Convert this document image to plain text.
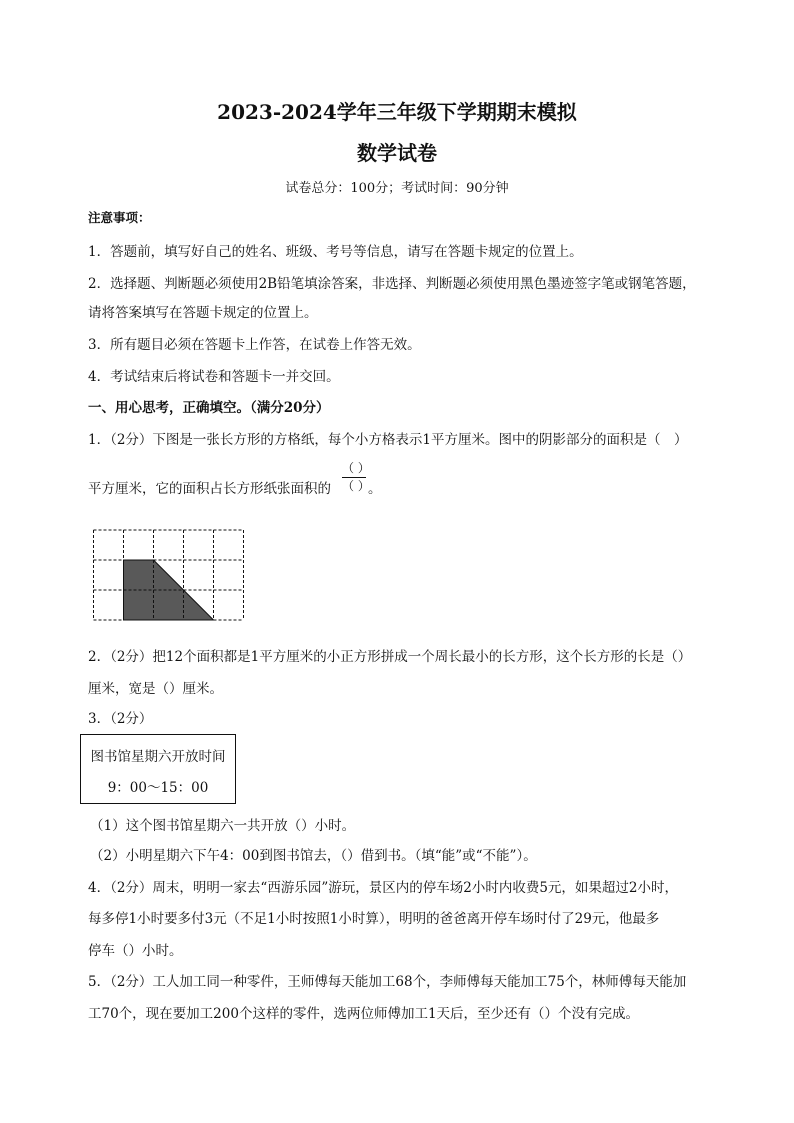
2023-2024学年三年级下学期期末模拟
数学试卷
试卷总分：100分；考试时间：90分钟
注意事项：
1．答题前，填写好自己的姓名、班级、考号等信息，请写在答题卡规定的位置上。
2．选择题、判断题必须使用2B铅笔填涂答案，非选择、判断题必须使用黑色墨迹签字笔或钢笔答题，
请将答案填写在答题卡规定的位置上。
3．所有题目必须在答题卡上作答，在试卷上作答无效。
4．考试结束后将试卷和答题卡一并交回。
一、用心思考，正确填空。（满分20分）
1．（2分）下图是一张长方形的方格纸，每个小方格表示1平方厘米。图中的阴影部分的面积是（　）
平方厘米，它的面积占长方形纸张面积的
（ ）
（ ）
。
2．（2分）把12个面积都是1平方厘米的小正方形拼成一个周长最小的长方形，这个长方形的长是（）
厘米，宽是（）厘米。
3．（2分）
图书馆星期六开放时间
9：00～15：00
（1）这个图书馆星期六一共开放（）小时。
（2）小明星期六下午4：00到图书馆去，（）借到书。（填“能”或“不能”）。
4．（2分）周末，明明一家去“西游乐园”游玩，景区内的停车场2小时内收费5元，如果超过2小时，
每多停1小时要多付3元（不足1小时按照1小时算），明明的爸爸离开停车场时付了29元，他最多
停车（）小时。
5．（2分）工人加工同一种零件，王师傅每天能加工68个，李师傅每天能加工75个，林师傅每天能加
工70个，现在要加工200个这样的零件，选两位师傅加工1天后，至少还有（）个没有完成。
